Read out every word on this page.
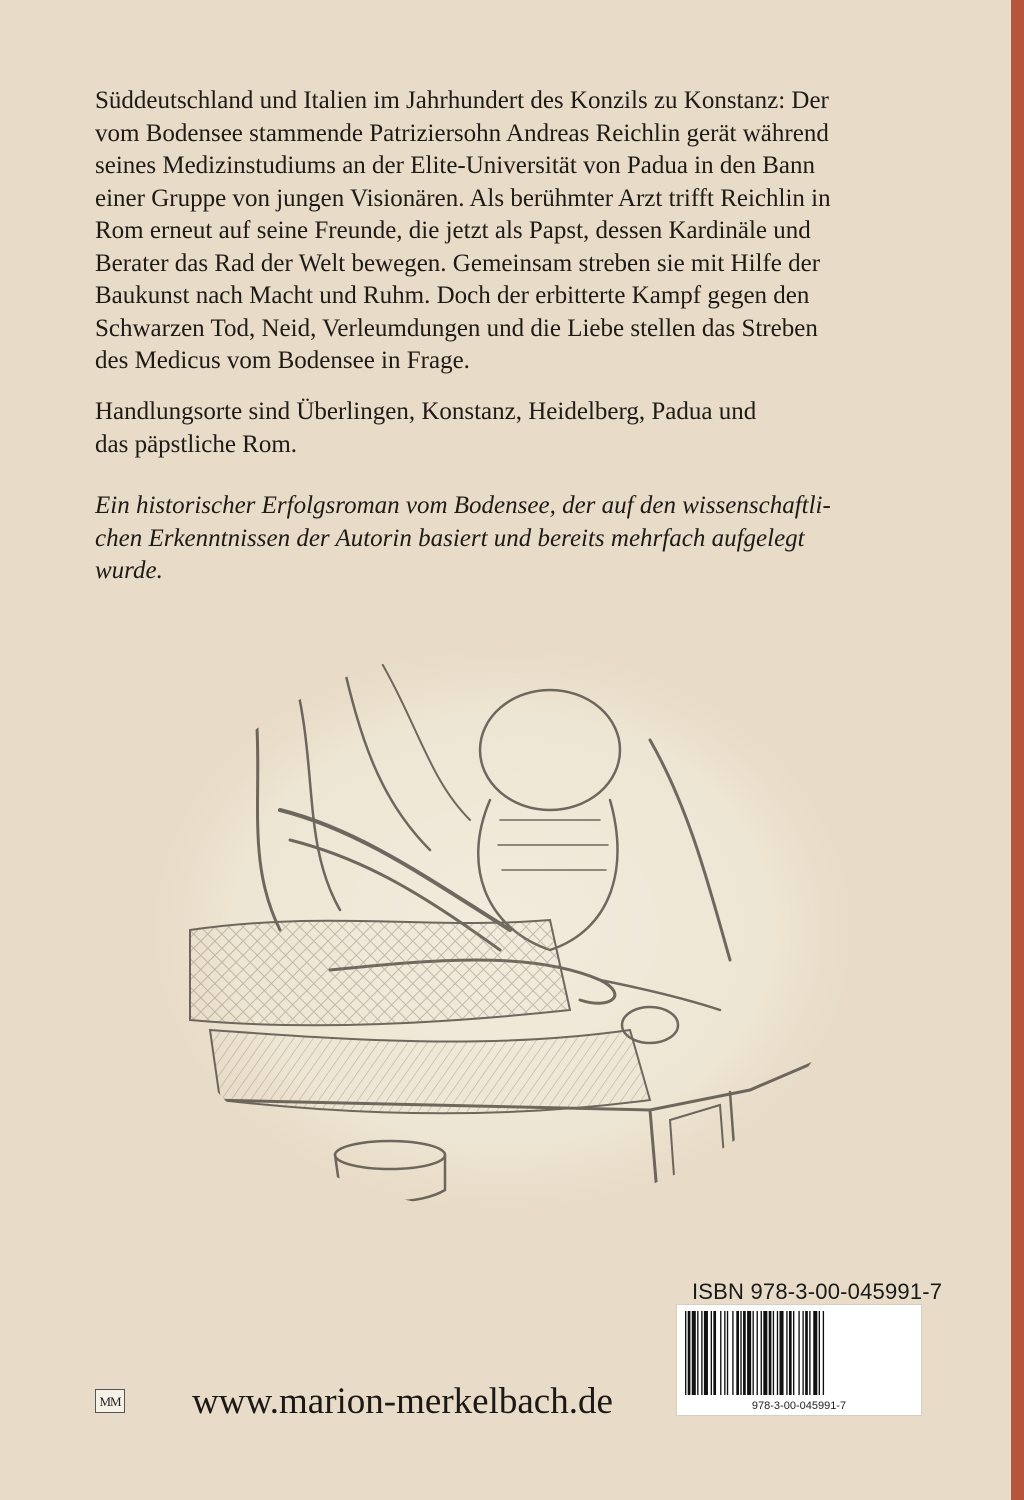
Süddeutschland und Italien im Jahrhundert des Konzils zu Konstanz: Der

vom Bodensee stammende Patriziersohn Andreas Reichlin gerät während

seines Medizinstudiums an der Elite-Universität von Padua in den Bann

einer Gruppe von jungen Visionären. Als berühmter Arzt trifft Reichlin in

Rom erneut auf seine Freunde, die jetzt als Papst, dessen Kardinäle und

Berater das Rad der Welt bewegen. Gemeinsam streben sie mit Hilfe der

Baukunst nach Macht und Ruhm. Doch der erbitterte Kampf gegen den

Schwarzen Tod, Neid, Verleumdungen und die Liebe stellen das Streben

des Medicus vom Bodensee in Frage.

Handlungsorte sind Überlingen, Konstanz, Heidelberg, Padua und

das päpstliche Rom.

Ein historischer Erfolgsroman vom Bodensee, der auf den wissenschaftli-

chen Erkenntnissen der Autorin basiert und bereits mehrfach aufgelegt

wurde.

ISBN 978-3-00-045991-7
978-3-00-045991-7
MM www.marion-merkelbach.de
